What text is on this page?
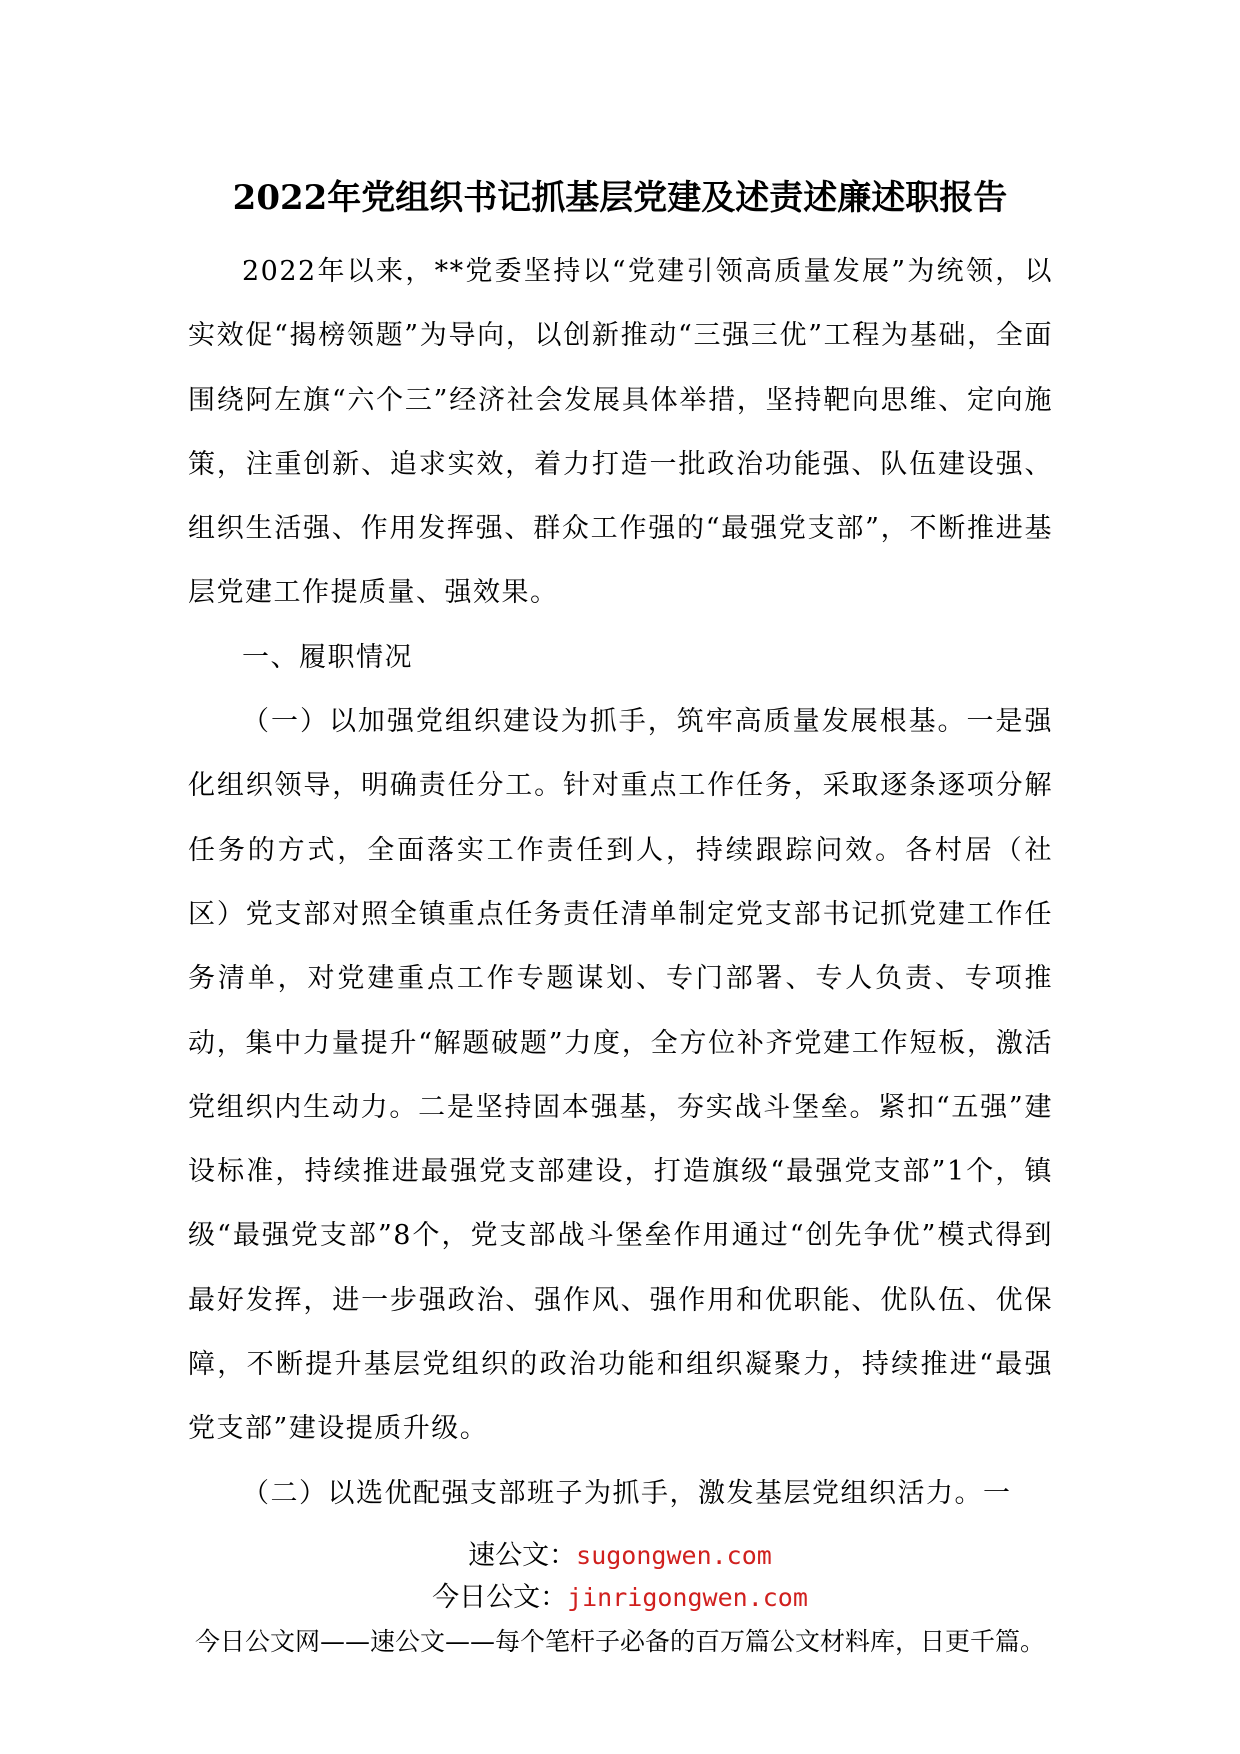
2022年党组织书记抓基层党建及述责述廉述职报告

2022年以来，**党委坚持以“党建引领高质量发展”为统领，以实效促“揭榜领题”为导向，以创新推动“三强三优”工程为基础，全面围绕阿左旗“六个三”经济社会发展具体举措，坚持靶向思维、定向施策，注重创新、追求实效，着力打造一批政治功能强、队伍建设强、组织生活强、作用发挥强、群众工作强的“最强党支部”，不断推进基层党建工作提质量、强效果。

一、履职情况

（一）以加强党组织建设为抓手，筑牢高质量发展根基。一是强化组织领导，明确责任分工。针对重点工作任务，采取逐条逐项分解任务的方式，全面落实工作责任到人，持续跟踪问效。各村居（社区）党支部对照全镇重点任务责任清单制定党支部书记抓党建工作任务清单，对党建重点工作专题谋划、专门部署、专人负责、专项推动，集中力量提升“解题破题”力度，全方位补齐党建工作短板，激活党组织内生动力。二是坚持固本强基，夯实战斗堡垒。紧扣“五强”建设标准，持续推进最强党支部建设，打造旗级“最强党支部”1个，镇级“最强党支部”8个，党支部战斗堡垒作用通过“创先争优”模式得到最好发挥，进一步强政治、强作风、强作用和优职能、优队伍、优保障，不断提升基层党组织的政治功能和组织凝聚力，持续推进“最强党支部”建设提质升级。

（二）以选优配强支部班子为抓手，激发基层党组织活力。一

速公文：sugongwen.com
今日公文：jinrigongwen.com
今日公文网——速公文——每个笔杆子必备的百万篇公文材料库，日更千篇。
